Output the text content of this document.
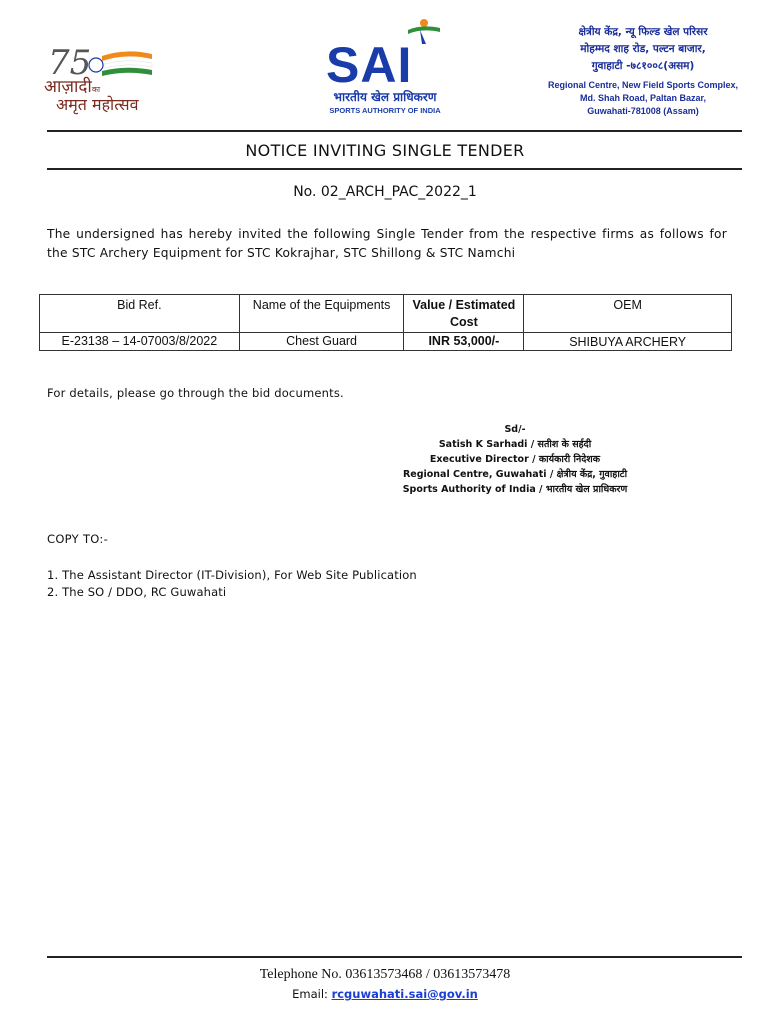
75
आज़ादीका
अमृत महोत्सव
SAI
भारतीय खेल प्राधिकरण
SPORTS AUTHORITY OF INDIA
क्षेत्रीय केंद्र, न्यू फिल्ड खेल परिसर
मोहम्मद शाह रोड, पल्टन बाजार,
गुवाहाटी -७८१००८(असम)
Regional Centre, New Field Sports Complex,
Md. Shah Road, Paltan Bazar,
Guwahati-781008 (Assam)
NOTICE INVITING SINGLE TENDER
No. 02_ARCH_PAC_2022_1
The undersigned has hereby invited the following Single Tender from the respective firms as follows for the STC Archery Equipment for STC Kokrajhar, STC Shillong & STC Namchi
Bid Ref.	Name of the Equipments	Value / Estimated Cost	OEM
E-23138 – 14-07003/8/2022	Chest Guard	INR 53,000/-	SHIBUYA ARCHERY
For details, please go through the bid documents.
Sd/-
Satish K Sarhadi / सतीश के सर्हदी
Executive Director / कार्यकारी निदेशक
Regional Centre, Guwahati / क्षेत्रीय केंद्र, गुवाहाटी
Sports Authority of India / भारतीय खेल प्राधिकरण
COPY TO:-
1. The Assistant Director (IT-Division), For Web Site Publication
2. The SO / DDO, RC Guwahati
Telephone No. 03613573468 / 03613573478
Email: rcguwahati.sai@gov.in
